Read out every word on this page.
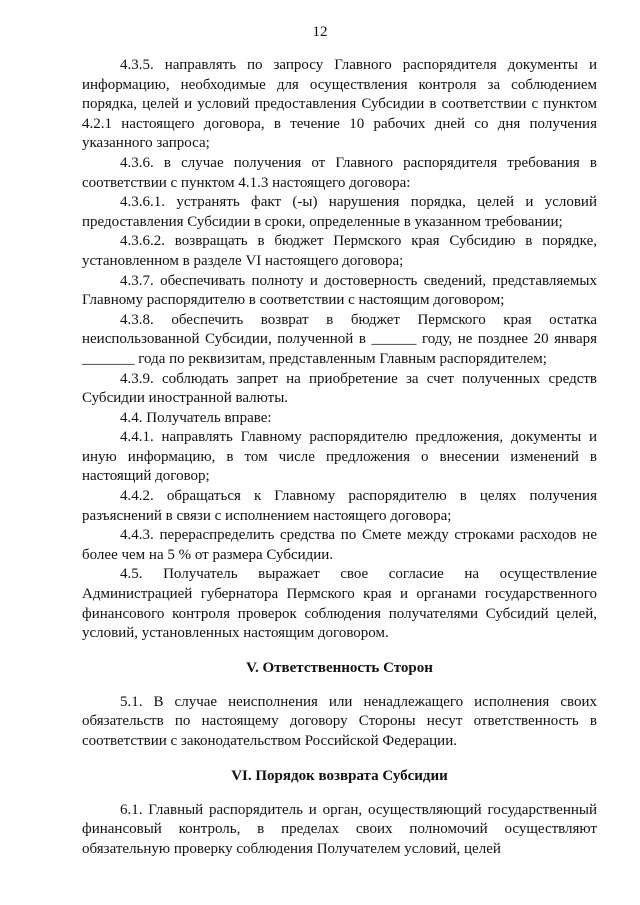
12

4.3.5. направлять по запросу Главного распорядителя документы и информацию, необходимые для осуществления контроля за соблюдением порядка, целей и условий предоставления Субсидии в соответствии с пунктом 4.2.1 настоящего договора, в течение 10 рабочих дней со дня получения указанного запроса;

4.3.6. в случае получения от Главного распорядителя требования в соответствии с пунктом 4.1.3 настоящего договора:

4.3.6.1. устранять факт (-ы) нарушения порядка, целей и условий предоставления Субсидии в сроки, определенные в указанном требовании;

4.3.6.2. возвращать в бюджет Пермского края Субсидию в порядке, установленном в разделе VI настоящего договора;

4.3.7. обеспечивать полноту и достоверность сведений, представляемых Главному распорядителю в соответствии с настоящим договором;

4.3.8. обеспечить возврат в бюджет Пермского края остатка неиспользованной Субсидии, полученной в ______ году, не позднее 20 января _______ года по реквизитам, представленным Главным распорядителем;

4.3.9. соблюдать запрет на приобретение за счет полученных средств Субсидии иностранной валюты.

4.4. Получатель вправе:

4.4.1. направлять Главному распорядителю предложения, документы и иную информацию, в том числе предложения о внесении изменений в настоящий договор;

4.4.2. обращаться к Главному распорядителю в целях получения разъяснений в связи с исполнением настоящего договора;

4.4.3. перераспределить средства по Смете между строками расходов не более чем на 5 % от размера Субсидии.

4.5. Получатель выражает свое согласие на осуществление Администрацией губернатора Пермского края и органами государственного финансового контроля проверок соблюдения получателями Субсидий целей, условий, установленных настоящим договором.

V. Ответственность Сторон

5.1. В случае неисполнения или ненадлежащего исполнения своих обязательств по настоящему договору Стороны несут ответственность в соответствии с законодательством Российской Федерации.

VI. Порядок возврата Субсидии

6.1. Главный распорядитель и орган, осуществляющий государственный финансовый контроль, в пределах своих полномочий осуществляют обязательную проверку соблюдения Получателем условий, целей
